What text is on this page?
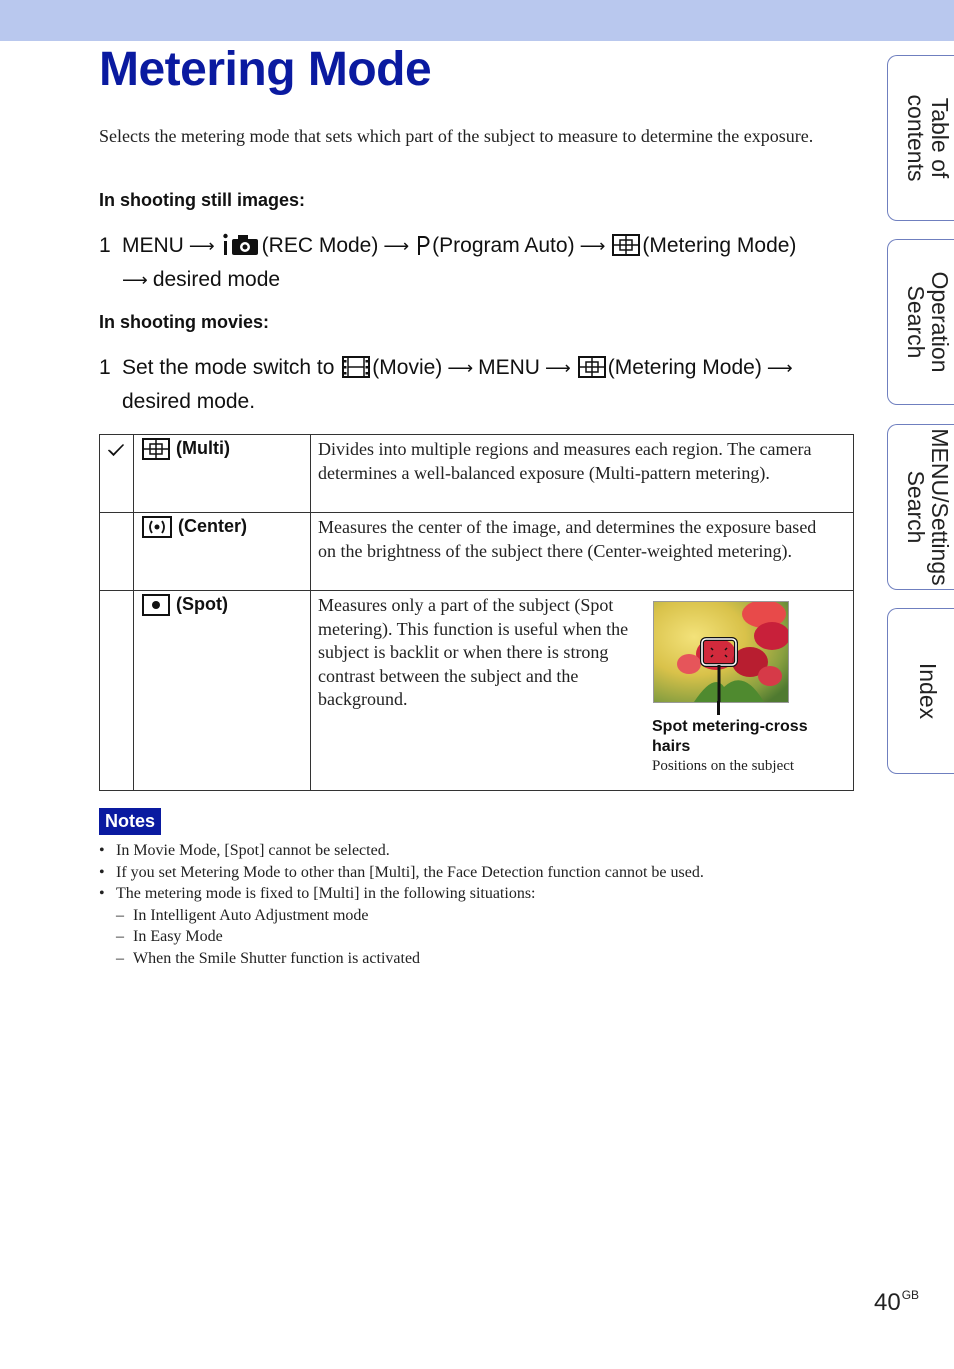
Metering Mode
Selects the metering mode that sets which part of the subject to measure to determine the exposure.
In shooting still images:
1 MENU ⟶ (REC Mode) ⟶ (Program Auto) ⟶ (Metering Mode)
⟶ desired mode
In shooting movies:
1 Set the mode switch to (Movie) ⟶ MENU ⟶ (Metering Mode) ⟶
desired mode.
(Multi)	Divides into multiple regions and measures each region. The camera determines a well-balanced exposure (Multi-pattern metering).
(Center)	Measures the center of the image, and determines the exposure based on the brightness of the subject there (Center-weighted metering).
(Spot)	Measures only a part of the subject (Spot metering). This function is useful when the subject is backlit or when there is strong contrast between the subject and the background.
Spot metering-cross hairs
Positions on the subject
Notes
• In Movie Mode, [Spot] cannot be selected.
• If you set Metering Mode to other than [Multi], the Face Detection function cannot be used.
• The metering mode is fixed to [Multi] in the following situations:
– In Intelligent Auto Adjustment mode
– In Easy Mode
– When the Smile Shutter function is activated
Table of
contents
Operation
Search
MENU/Settings
Search
Index
$40^{GB}$
